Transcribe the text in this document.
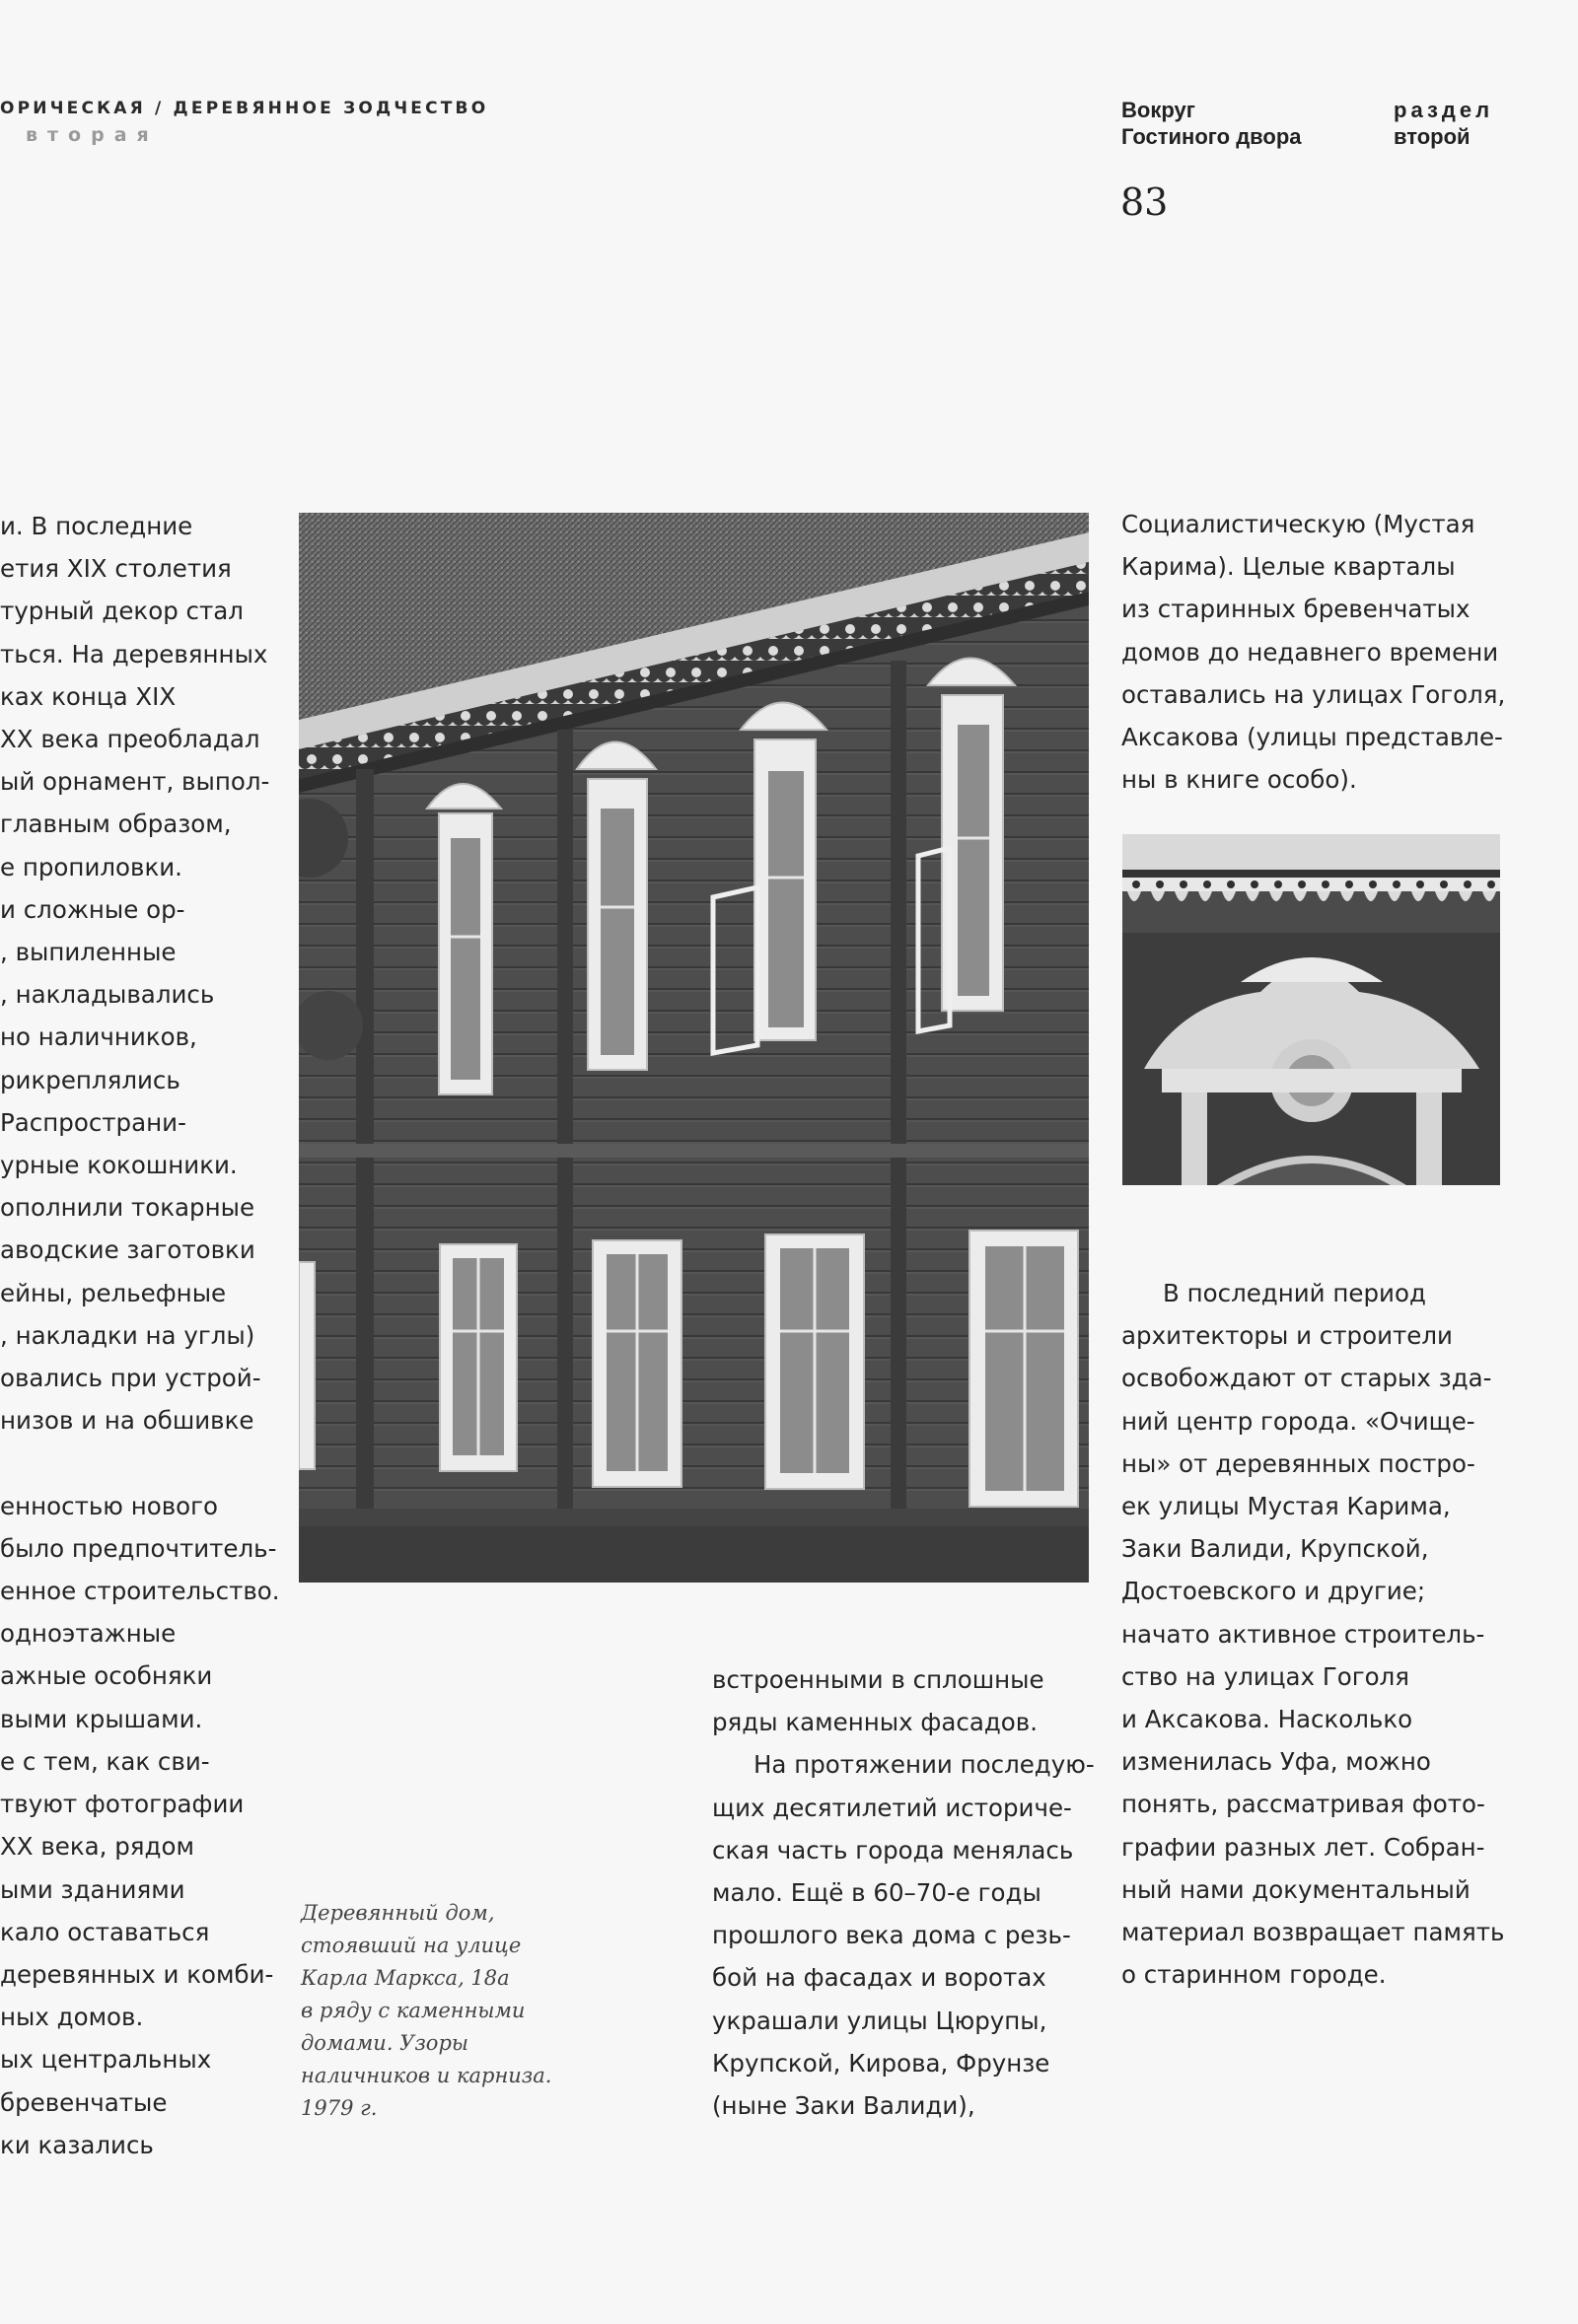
ОРИЧЕСКАЯ / ДЕРЕВЯННОЕ ЗОДЧЕСТВО
вторая
Вокруг
Гостиного двора
раздел
второй
83
и. В последние
етия XIX столетия
турный декор стал
ться. На деревянных
ках конца XIX
XX века преобладал
ый орнамент, выпол-
главным образом,
е пропиловки.
и сложные ор-
, выпиленные
, накладывались
но наличников,
рикреплялись
Распространи-
урные кокошники.
ополнили токарные
аводские заготовки
ейны, рельефные
, накладки на углы)
овались при устрой-
низов и на обшивке

енностью нового
было предпочтитель-
енное строительство.
одноэтажные
ажные особняки
выми крышами.
е с тем, как сви-
твуют фотографии
ХX века, рядом
ыми зданиями
кало оставаться
деревянных и комби-
ных домов.
ых центральных
бревенчатые
ки казались
Деревянный дом,
стоявший на улице
Карла Маркса, 18а
в ряду с каменными
домами. Узоры
наличников и карниза.
1979 г.
встроенными в сплошные
ряды каменных фасадов.
На протяжении последую-
щих десятилетий историче-
ская часть города менялась
мало. Ещё в 60–70-е годы
прошлого века дома с резь-
бой на фасадах и воротах
украшали улицы Цюрупы,
Крупской, Кирова, Фрунзе
(ныне Заки Валиди),
Социалистическую (Мустая
Карима). Целые кварталы
из старинных бревенчатых
домов до недавнего времени
оставались на улицах Гоголя,
Аксакова (улицы представле-
ны в книге особо).
В последний период
архитекторы и строители
освобождают от старых зда-
ний центр города. «Очище-
ны» от деревянных постро-
ек улицы Мустая Карима,
Заки Валиди, Крупской,
Достоевского и другие;
начато активное строитель-
ство на улицах Гоголя
и Аксакова. Насколько
изменилась Уфа, можно
понять, рассматривая фото-
графии разных лет. Собран-
ный нами документальный
материал возвращает память
о старинном городе.
